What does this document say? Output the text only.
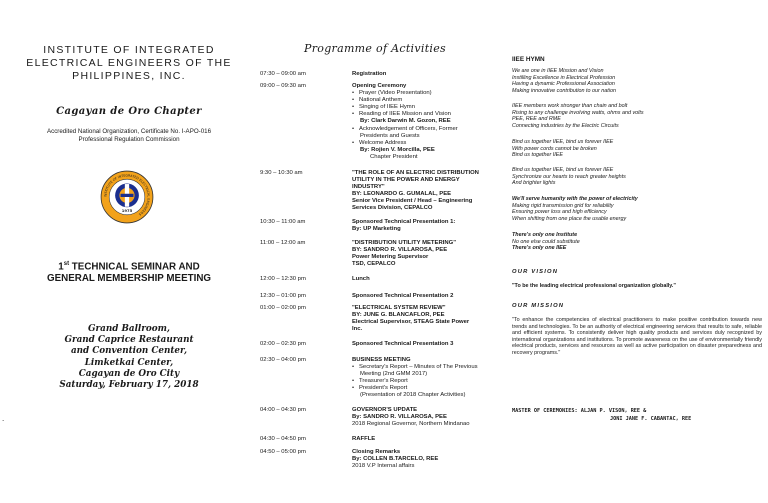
INSTITUTE OF INTEGRATED
ELECTRICAL ENGINEERS OF THE
PHILIPPINES, INC.
Cagayan de Oro Chapter
Accredited National Organization, Certificate No. I-APO-016
Professional Regulation Commission
INSTITUTE OF INTEGRATED ELECTRICAL ENGINEERS
1975
1st TECHNICAL SEMINAR AND
GENERAL MEMBERSHIP MEETING
Grand Ballroom,
Grand Caprice Restaurant
and Convention Center,
Limketkai Center,
Cagayan de Oro City
Saturday, February 17, 2018
.
Programme of Activities
07:30 – 09:00 am	Registration
09:00 – 09:30 am	Opening Ceremony
• Prayer (Video Presentation)
• National Anthem
• Singing of IIEE Hymn
• Reading of IIEE Mission and Vision
By: Clark Darwin M. Gozon, REE
• Acknowledgement of Officers, Former
Presidents and Guests
• Welcome Address
By: Rojien V. Morcilla, PEE
Chapter President
9:30 – 10:30 am	"THE ROLE OF AN ELECTRIC DISTRIBUTION
UTILITY IN THE POWER AND ENERGY
INDUSTRY"
BY: LEONARDO G. GUMALAL, PEE
Senior Vice President / Head – Engineering
Services Division, CEPALCO
10:30 – 11:00 am	Sponsored Technical Presentation 1:
By: UP Marketing
11:00 – 12:00 am	"DISTRIBUTION UTILITY METERING"
BY: SANDRO R. VILLAROSA, PEE
Power Metering Supervisor
TSD, CEPALCO
12:00 – 12:30 pm	Lunch
12:30 – 01:00 pm	Sponsored Technical Presentation 2
01:00 – 02:00 pm	"ELECTRICAL SYSTEM REVIEW"
BY: JUNE G. BLANCAFLOR, PEE
Electrical Supervisor, STEAG State Power
Inc.
02:00 – 02:30 pm	Sponsored Technical Presentation 3
02:30 – 04:00 pm	BUSINESS MEETING
• Secretary's Report – Minutes of The Previous
Meeting (2nd GMM 2017)
• Treasurer's Report
• President's Report
(Presentation of 2018 Chapter Activities)
04:00 – 04:30 pm	GOVERNOR'S UPDATE
By: SANDRO R. VILLAROSA, PEE
2018 Regional Governor, Northern Mindanao
04:30 – 04:50 pm	RAFFLE
04:50 – 05:00 pm	Closing Remarks
By: COLLEN B.TARCELO, REE
2018 V.P Internal affairs
IIEE HYMN
We are one in IIEE Mission and Vision
Instilling Excellence in Electrical Profession
Having a dynamic Professional Association
Making innovative contribution to our nation
IIEE members work stronger than chain and bolt
Rising to any challenge involving watts, ohms and volts
PEE, REE and RME
Connecting industries by the Electric Circuits
Bind us together IIEE, bind us forever IIEE
With power cords cannot be broken
Bind us together IIEE
Bind us together IIEE, bind us forever IIEE
Synchronize our hearts to reach greater heights
And brighter lights
We'll serve humanity with the power of electricity
Making rigid transmission grid for reliability
Ensuring power loss and high efficiency
When shifting from one place the usable energy
There's only one Institute
No one else could substitute
There's only one IIEE
OUR VISION
"To be the leading electrical professional organization globally."
OUR MISSION
"To enhance the competencies of electrical practitioners to make positive contribution towards new trends and technologies. To be an authority of electrical engineering services that results to safe, reliable and efficient systems. To consistently deliver high quality products and services duly recognized by international organizations and institutions. To promote awareness on the use of environmentally friendly electrical products, services and resources as well as active participation on disaster preparedness and recovery programs."
MASTER OF CEREMONIES: ALJAN P. VISON, REE &
JONI JANE F. CABANTAC, REE
